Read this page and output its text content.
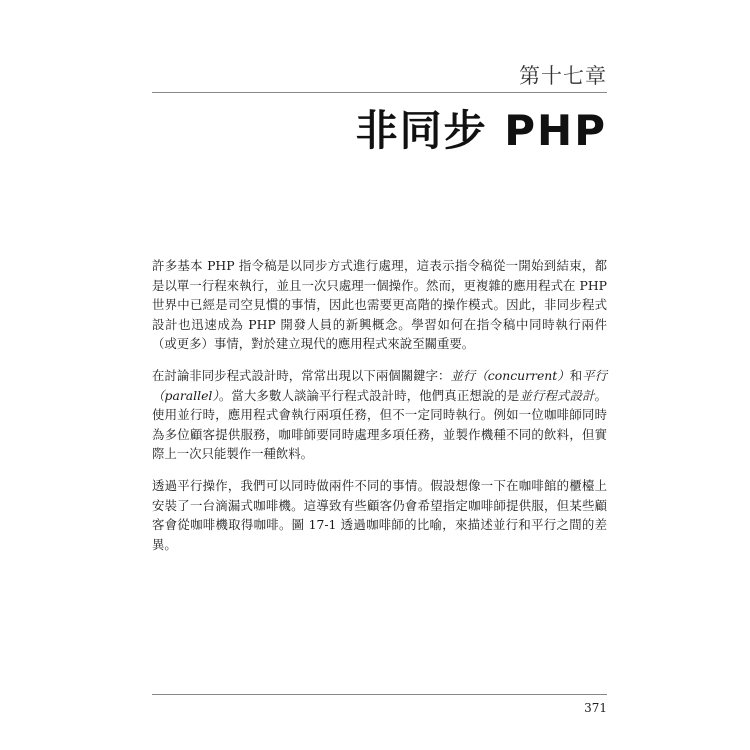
第十七章
非同步 PHP

許多基本 PHP 指令稿是以同步方式進行處理，這表示指令稿從一開始到結束，都是以單一行程來執行，並且一次只處理一個操作。然而，更複雜的應用程式在 PHP 世界中已經是司空見慣的事情，因此也需要更高階的操作模式。因此，非同步程式設計也迅速成為 PHP 開發人員的新興概念。學習如何在指令稿中同時執行兩件（或更多）事情，對於建立現代的應用程式來說至關重要。

在討論非同步程式設計時，常常出現以下兩個關鍵字：並行（concurrent）和平行（parallel）。當大多數人談論平行程式設計時，他們真正想說的是並行程式設計。使用並行時，應用程式會執行兩項任務，但不一定同時執行。例如一位咖啡師同時為多位顧客提供服務，咖啡師要同時處理多項任務，並製作機種不同的飲料，但實際上一次只能製作一種飲料。

透過平行操作，我們可以同時做兩件不同的事情。假設想像一下在咖啡館的櫃檯上安裝了一台滴漏式咖啡機。這導致有些顧客仍會希望指定咖啡師提供服，但某些顧客會從咖啡機取得咖啡。圖 17-1 透過咖啡師的比喻，來描述並行和平行之間的差異。

371
